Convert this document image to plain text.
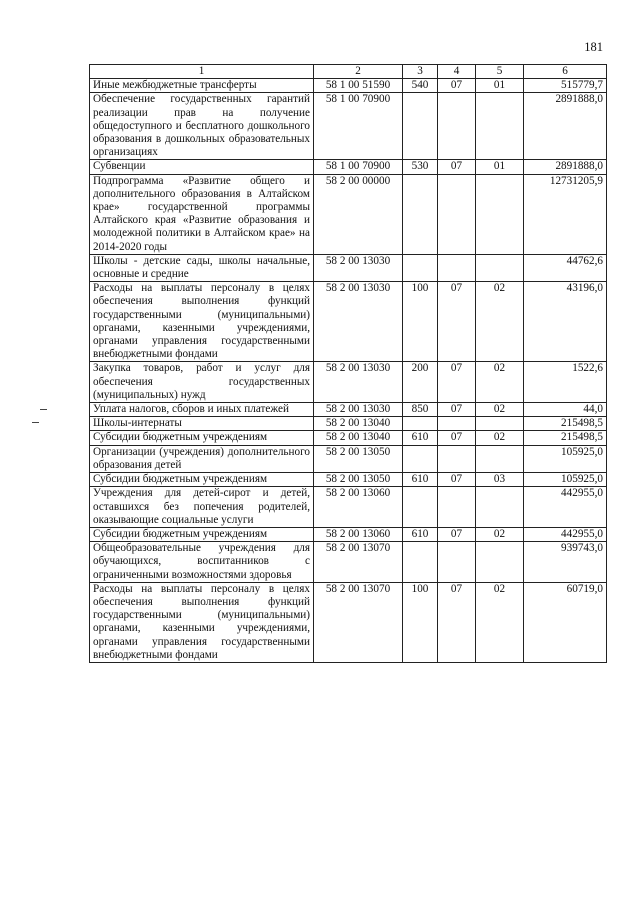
181
1	2	3	4	5	6
Иные межбюджетные трансферты	58 1 00 51590	540	07	01	515779,7
Обеспечение государственных гарантий реализации прав на получение общедоступного и бесплатного дошкольного образования в дошкольных образовательных организациях	58 1 00 70900				2891888,0
Субвенции	58 1 00 70900	530	07	01	2891888,0
Подпрограмма «Развитие общего и дополнительного образования в Алтайском крае» государственной программы Алтайского края «Развитие образования и молодежной политики в Алтайском крае» на 2014-2020 годы	58 2 00 00000				12731205,9
Школы - детские сады, школы начальные, основные и средние	58 2 00 13030				44762,6
Расходы на выплаты персоналу в целях обеспечения выполнения функций государственными (муниципальными) органами, казенными учреждениями, органами управления государственными внебюджетными фондами	58 2 00 13030	100	07	02	43196,0
Закупка товаров, работ и услуг для обеспечения государственных (муниципальных) нужд	58 2 00 13030	200	07	02	1522,6
Уплата налогов, сборов и иных платежей	58 2 00 13030	850	07	02	44,0
Школы-интернаты	58 2 00 13040				215498,5
Субсидии бюджетным учреждениям	58 2 00 13040	610	07	02	215498,5
Организации (учреждения) дополнительного образования детей	58 2 00 13050				105925,0
Субсидии бюджетным учреждениям	58 2 00 13050	610	07	03	105925,0
Учреждения для детей-сирот и детей, оставшихся без попечения родителей, оказывающие социальные услуги	58 2 00 13060				442955,0
Субсидии бюджетным учреждениям	58 2 00 13060	610	07	02	442955,0
Общеобразовательные учреждения для обучающихся, воспитанников с ограниченными возможностями здоровья	58 2 00 13070				939743,0
Расходы на выплаты персоналу в целях обеспечения выполнения функций государственными (муниципальными) органами, казенными учреждениями, органами управления государственными внебюджетными фондами	58 2 00 13070	100	07	02	60719,0
